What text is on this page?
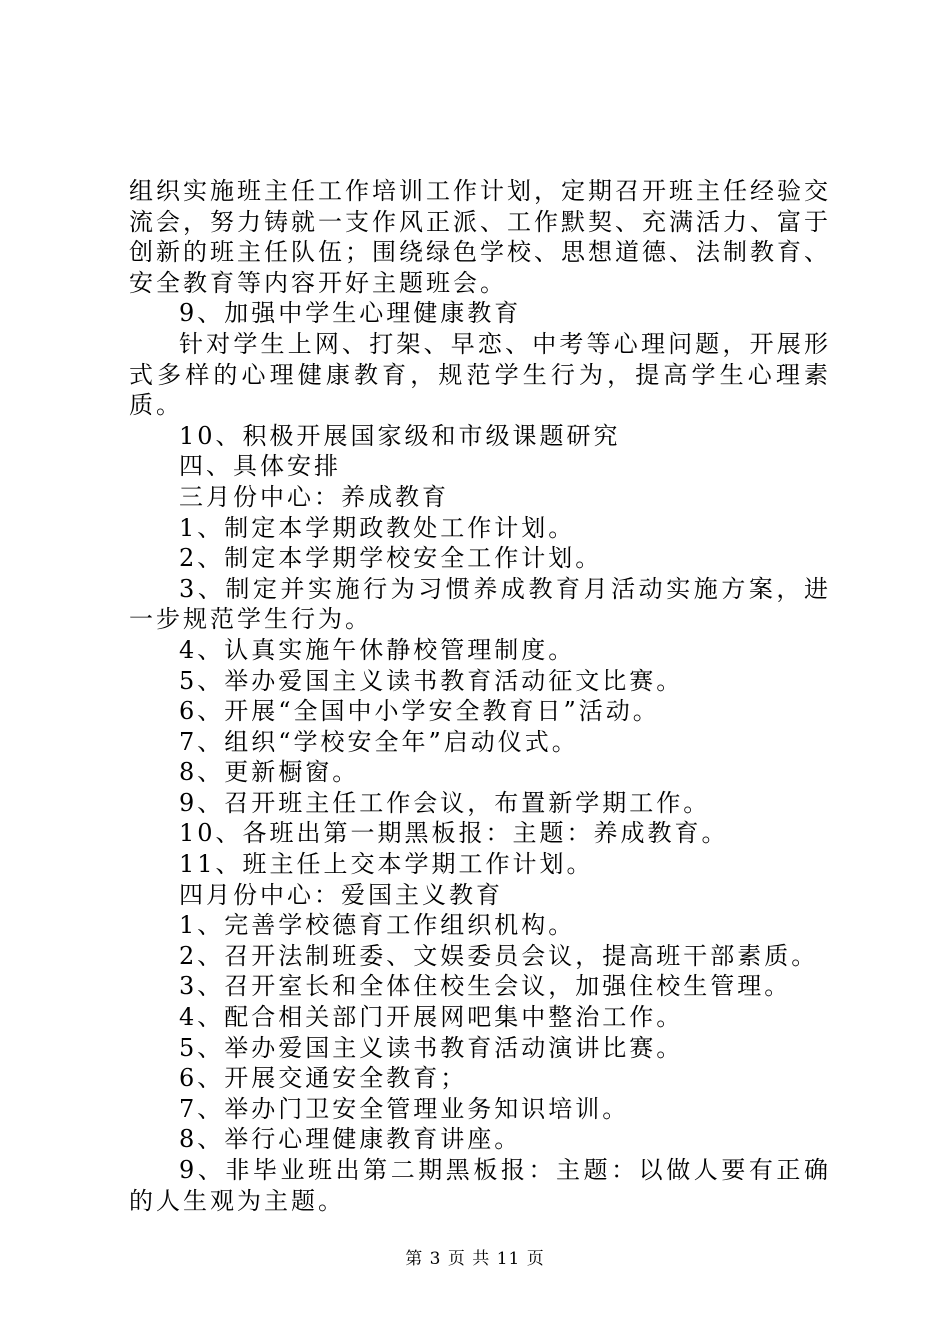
组织实施班主任工作培训工作计划，定期召开班主任经验交流会，努力铸就一支作风正派、工作默契、充满活力、富于创新的班主任队伍；围绕绿色学校、思想道德、法制教育、安全教育等内容开好主题班会。

9、加强中学生心理健康教育

针对学生上网、打架、早恋、中考等心理问题，开展形式多样的心理健康教育，规范学生行为，提高学生心理素质。

10、积极开展国家级和市级课题研究

四、具体安排

三月份中心：养成教育

1、制定本学期政教处工作计划。

2、制定本学期学校安全工作计划。

3、制定并实施行为习惯养成教育月活动实施方案，进一步规范学生行为。

4、认真实施午休静校管理制度。

5、举办爱国主义读书教育活动征文比赛。

6、开展“全国中小学安全教育日”活动。

7、组织“学校安全年”启动仪式。

8、更新橱窗。

9、召开班主任工作会议，布置新学期工作。

10、各班出第一期黑板报：主题：养成教育。

11、班主任上交本学期工作计划。

四月份中心：爱国主义教育

1、完善学校德育工作组织机构。

2、召开法制班委、文娱委员会议，提高班干部素质。

3、召开室长和全体住校生会议，加强住校生管理。

4、配合相关部门开展网吧集中整治工作。

5、举办爱国主义读书教育活动演讲比赛。

6、开展交通安全教育；

7、举办门卫安全管理业务知识培训。

8、举行心理健康教育讲座。

9、非毕业班出第二期黑板报：主题：以做人要有正确的人生观为主题。

第 3 页 共 11 页
